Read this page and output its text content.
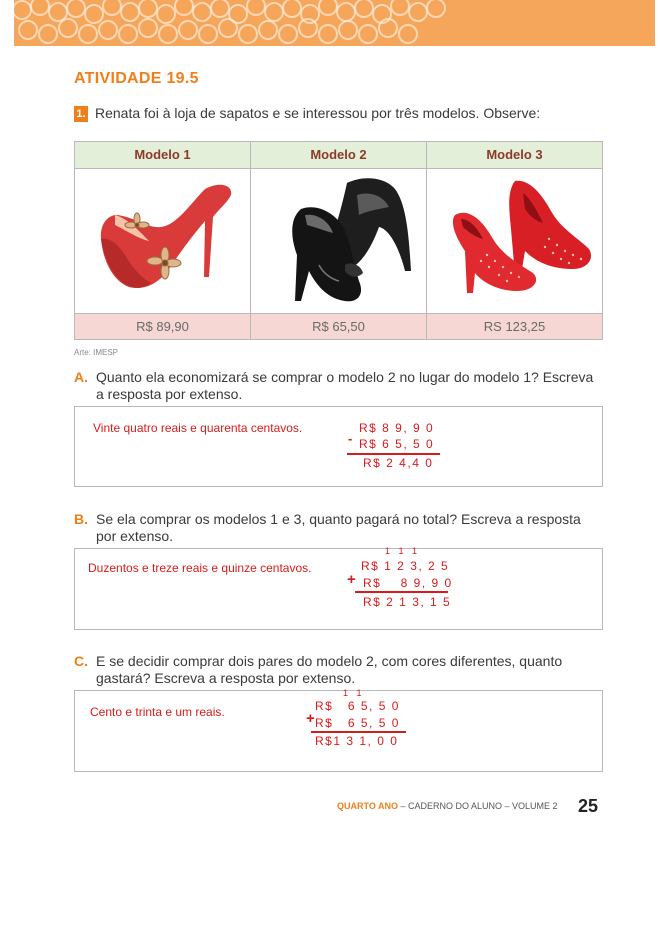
ATIVIDADE 19.5
1. Renata foi à loja de sapatos e se interessou por três modelos. Observe:
Modelo 1	Modelo 2	Modelo 3
R$ 89,90	R$ 65,50	RS 123,25
Arte: IMESP
A. Quanto ela economizará se comprar o modelo 2 no lugar do modelo 1? Escreva
a resposta por extenso.
Vinte quatro reais e quarenta centavos.	R$ 8 9, 9 0
- R$ 6 5, 5 0
R$ 2 4,4 0
B. Se ela comprar os modelos 1 e 3, quanto pagará no total? Escreva a resposta
por extenso.
Duzentos e treze reais e quinze centavos.
1 1 1
R$ 1 2 3, 2 5
+ R$    8 9, 9 0
R$ 2 1 3, 1 5
C. E se decidir comprar dois pares do modelo 2, com cores diferentes, quanto
gastará? Escreva a resposta por extenso.
Cento e trinta e um reais.
1 1
R$   6 5, 5 0
+ R$   6 5, 5 0
R$1 3 1, 0 0
QUARTO ANO – CADERNO DO ALUNO – VOLUME 2 25
